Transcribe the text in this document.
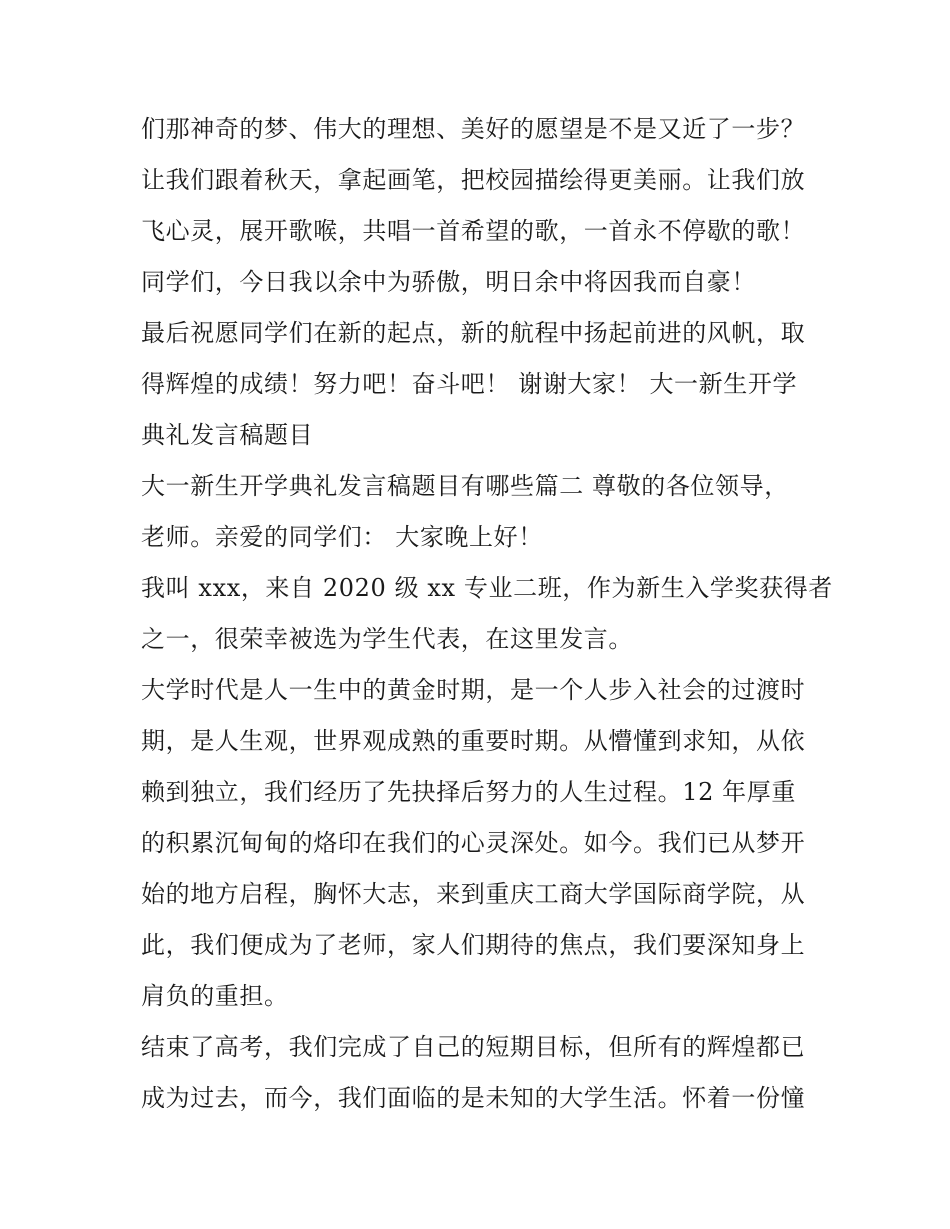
们那神奇的梦、伟大的理想、美好的愿望是不是又近了一步？
让我们跟着秋天，拿起画笔，把校园描绘得更美丽。让我们放
飞心灵，展开歌喉，共唱一首希望的歌，一首永不停歇的歌！
同学们，今日我以余中为骄傲，明日余中将因我而自豪！
最后祝愿同学们在新的起点，新的航程中扬起前进的风帆，取
得辉煌的成绩！努力吧！奋斗吧！ 谢谢大家！ 大一新生开学
典礼发言稿题目
大一新生开学典礼发言稿题目有哪些篇二 尊敬的各位领导，
老师。亲爱的同学们： 大家晚上好！
我叫 xxx，来自 2020 级 xx 专业二班，作为新生入学奖获得者
之一，很荣幸被选为学生代表，在这里发言。
大学时代是人一生中的黄金时期，是一个人步入社会的过渡时
期，是人生观，世界观成熟的重要时期。从懵懂到求知，从依
赖到独立，我们经历了先抉择后努力的人生过程。12 年厚重
的积累沉甸甸的烙印在我们的心灵深处。如今。我们已从梦开
始的地方启程，胸怀大志，来到重庆工商大学国际商学院，从
此，我们便成为了老师，家人们期待的焦点，我们要深知身上
肩负的重担。
结束了高考，我们完成了自己的短期目标，但所有的辉煌都已
成为过去，而今，我们面临的是未知的大学生活。怀着一份憧
